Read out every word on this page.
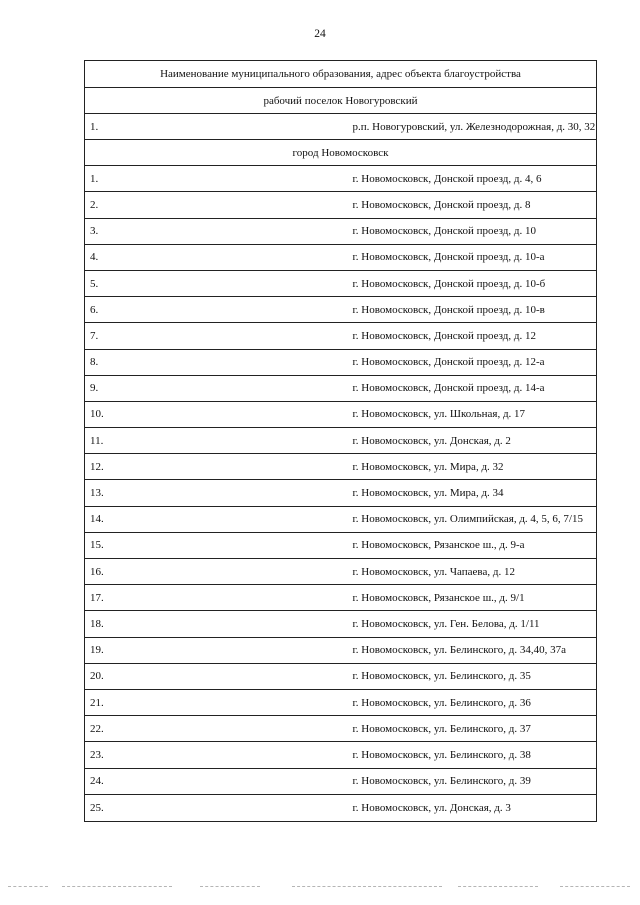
24
Наименование муниципального образования, адрес объекта благоустройства	
рабочий поселок Новогуровский	
1.	р.п. Новогуровский, ул. Железнодорожная, д. 30, 32
город Новомосковск	
1.	г. Новомосковск, Донской проезд, д. 4, 6
2.	г. Новомосковск, Донской проезд, д. 8
3.	г. Новомосковск, Донской проезд, д. 10
4.	г. Новомосковск, Донской проезд, д. 10-а
5.	г. Новомосковск, Донской проезд, д. 10-б
6.	г. Новомосковск, Донской проезд, д. 10-в
7.	г. Новомосковск, Донской проезд, д. 12
8.	г. Новомосковск, Донской проезд, д. 12-а
9.	г. Новомосковск, Донской проезд, д. 14-а
10.	г. Новомосковск, ул. Школьная, д. 17
11.	г. Новомосковск, ул. Донская, д. 2
12.	г. Новомосковск, ул. Мира, д. 32
13.	г. Новомосковск, ул. Мира, д. 34
14.	г. Новомосковск, ул. Олимпийская, д. 4, 5, 6, 7/15
15.	г. Новомосковск, Рязанское ш., д. 9-а
16.	г. Новомосковск, ул. Чапаева, д. 12
17.	г. Новомосковск, Рязанское ш., д. 9/1
18.	г. Новомосковск, ул. Ген. Белова, д. 1/11
19.	г. Новомосковск, ул. Белинского, д. 34,40, 37а
20.	г. Новомосковск, ул. Белинского, д. 35
21.	г. Новомосковск, ул. Белинского, д. 36
22.	г. Новомосковск, ул. Белинского, д. 37
23.	г. Новомосковск, ул. Белинского, д. 38
24.	г. Новомосковск, ул. Белинского, д. 39
25.	г. Новомосковск, ул. Донская, д. 3
